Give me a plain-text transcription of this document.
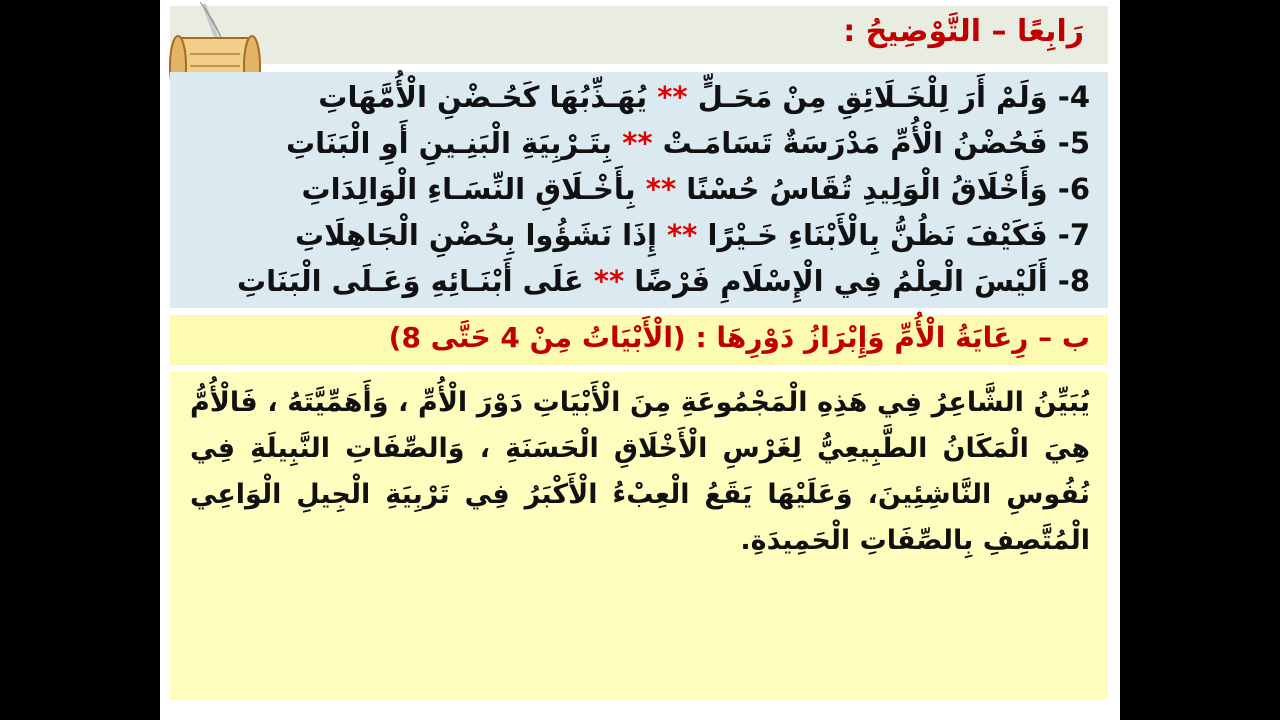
رَابِعًا – التَّوْضِيحُ :
4- وَلَمْ أَرَ لِلْخَـلَائِقِ مِنْ مَحَـلٍّ ** يُهَـذِّبُهَا كَحُـضْنِ الْأُمَّهَاتِ
5- فَحُضْنُ الْأُمِّ مَدْرَسَةٌ تَسَامَـتْ ** بِتَـرْبِيَةِ الْبَنِـينِ أَوِ الْبَنَاتِ
6- وَأَخْلَاقُ الْوَلِيدِ تُقَاسُ حُسْنًا ** بِأَخْـلَاقِ النِّسَـاءِ الْوَالِدَاتِ
7- فَكَيْفَ نَظُنُّ بِالْأَبْنَاءِ خَـيْرًا ** إِذَا نَشَؤُوا بِحُضْنِ الْجَاهِلَاتِ
8- أَلَيْسَ الْعِلْمُ فِي الْإِسْلَامِ فَرْضًا ** عَلَى أَبْنَـائِهِ وَعَـلَى الْبَنَاتِ
ب – رِعَايَةُ الْأُمِّ وَإِبْرَازُ دَوْرِهَا : (الْأَبْيَاتُ مِنْ 4 حَتَّى 8)
يُبَيِّنُ الشَّاعِرُ فِي هَذِهِ الْمَجْمُوعَةِ مِنَ الْأَبْيَاتِ دَوْرَ الْأُمِّ ، وَأَهَمِّيَّتَهُ ، فَالْأُمُّ هِيَ الْمَكَانُ الطَّبِيعِيُّ لِغَرْسِ الْأَخْلَاقِ الْحَسَنَةِ ، وَالصِّفَاتِ النَّبِيلَةِ فِي نُفُوسِ النَّاشِئِينَ، وَعَلَيْهَا يَقَعُ الْعِبْءُ الْأَكْبَرُ فِي تَرْبِيَةِ الْجِيلِ الْوَاعِي الْمُتَّصِفِ بِالصِّفَاتِ الْحَمِيدَةِ.
